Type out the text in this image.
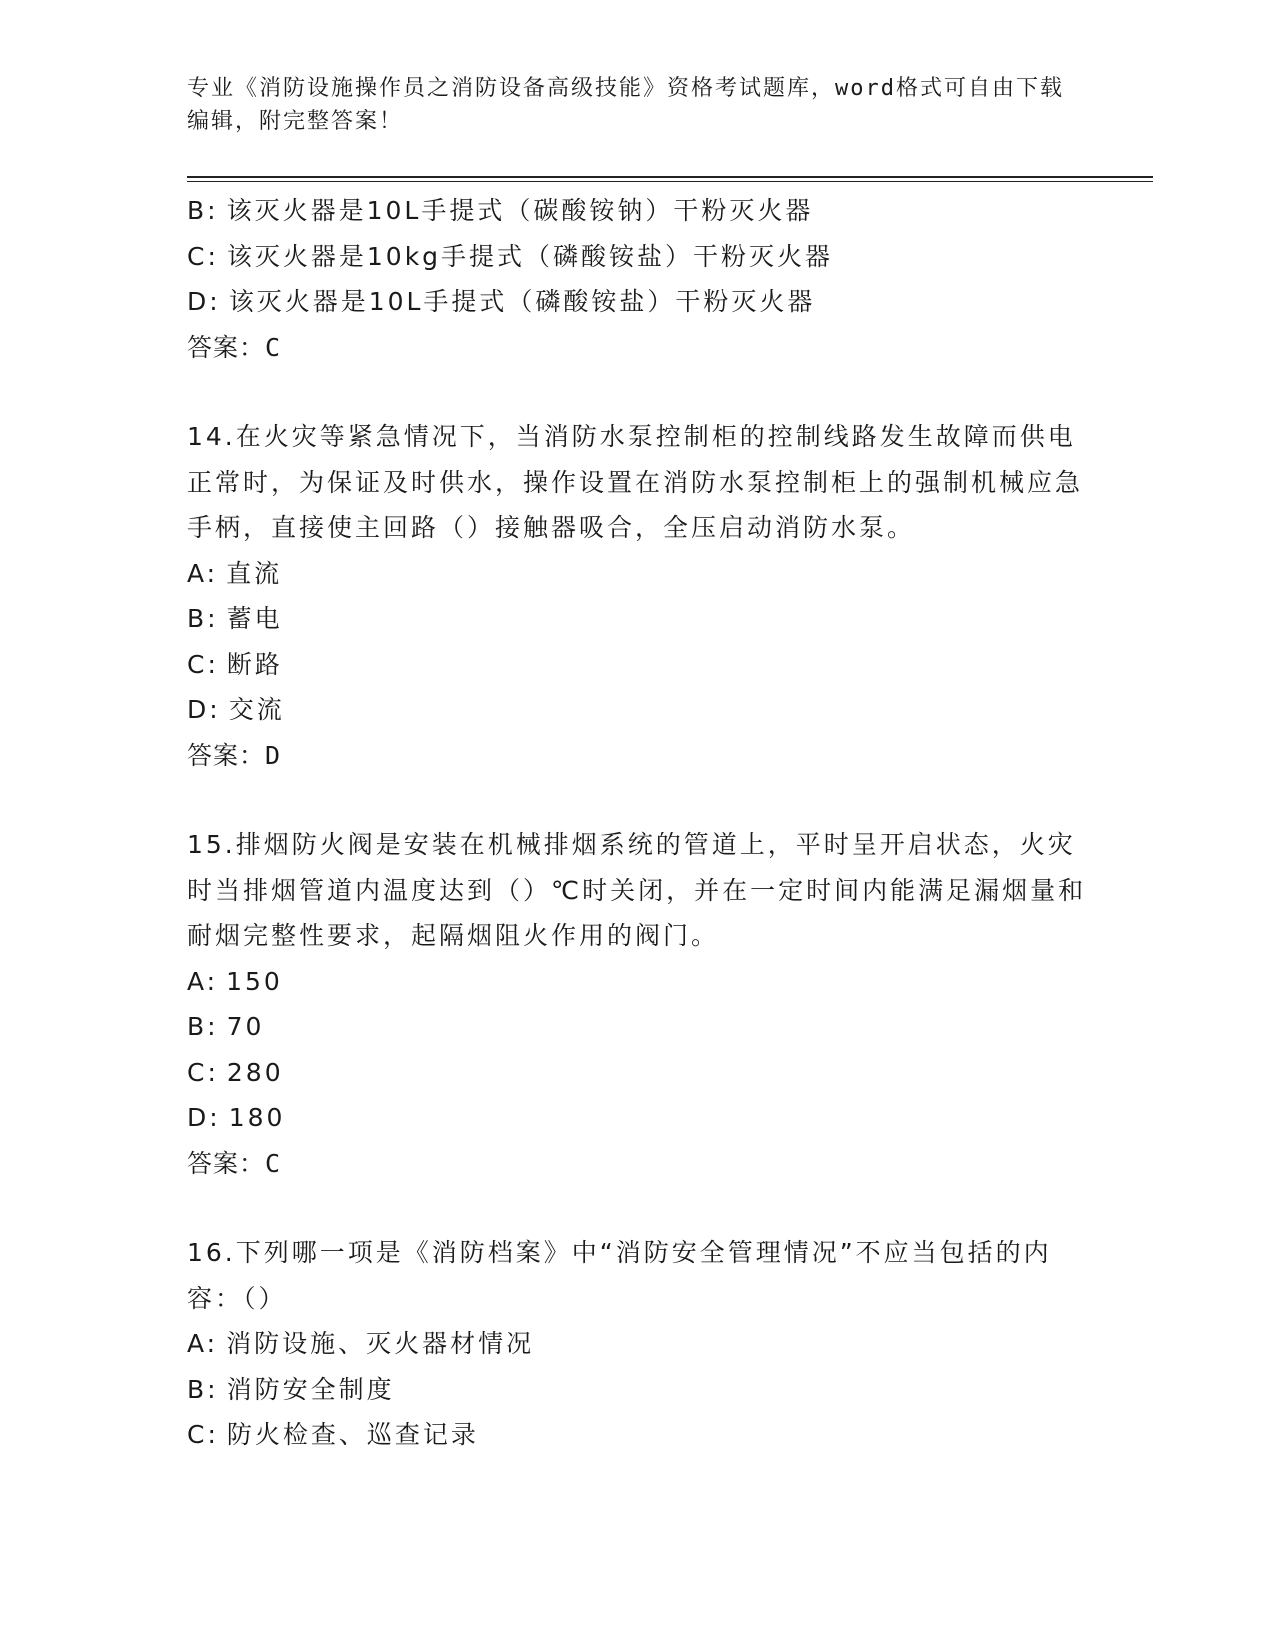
专业《消防设施操作员之消防设备高级技能》资格考试题库，word格式可自由下载编辑，附完整答案！
B: 该灭火器是10L手提式（碳酸铵钠）干粉灭火器
C: 该灭火器是10kg手提式（磷酸铵盐）干粉灭火器
D: 该灭火器是10L手提式（磷酸铵盐）干粉灭火器
答案：C
14.在火灾等紧急情况下，当消防水泵控制柜的控制线路发生故障而供电正常时，为保证及时供水，操作设置在消防水泵控制柜上的强制机械应急手柄，直接使主回路（）接触器吸合，全压启动消防水泵。
A: 直流
B: 蓄电
C: 断路
D: 交流
答案：D
15.排烟防火阀是安装在机械排烟系统的管道上，平时呈开启状态，火灾时当排烟管道内温度达到（）℃时关闭，并在一定时间内能满足漏烟量和耐烟完整性要求，起隔烟阻火作用的阀门。
A: 150
B: 70
C: 280
D: 180
答案：C
16.下列哪一项是《消防档案》中“消防安全管理情况”不应当包括的内容：（）
A: 消防设施、灭火器材情况
B: 消防安全制度
C: 防火检查、巡查记录
